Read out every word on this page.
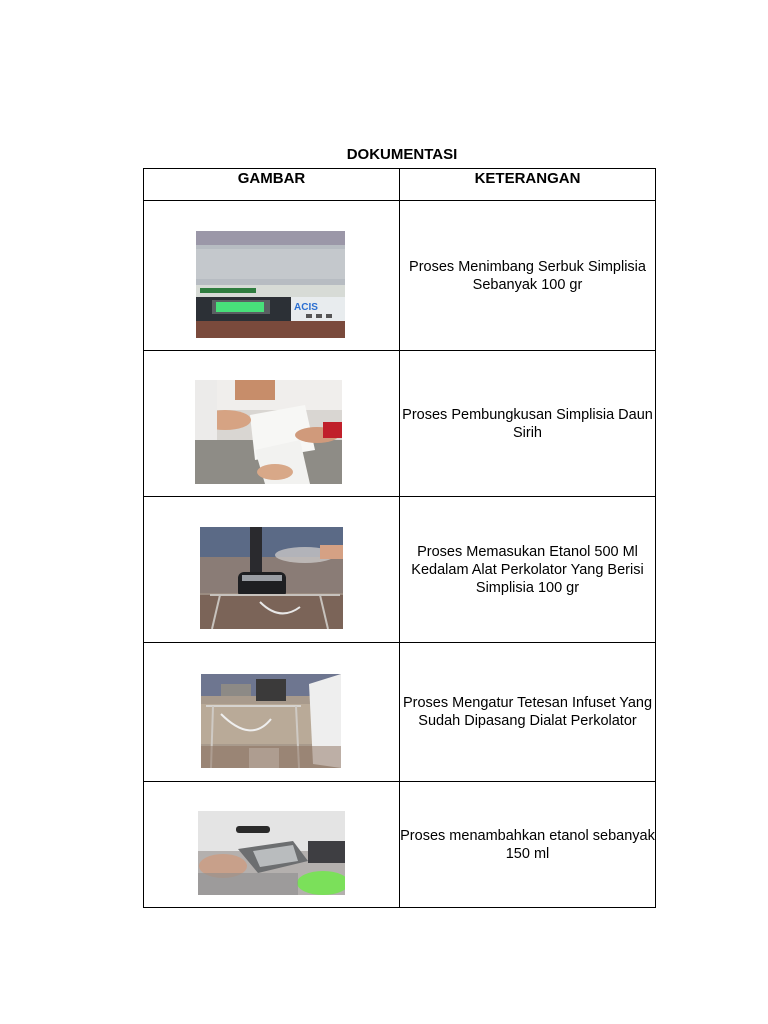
DOKUMENTASI
GAMBAR	KETERANGAN

ACIS	Proses Menimbang Serbuk Simplisia Sebanyak 100 gr

	Proses Pembungkusan Simplisia Daun Sirih

	Proses Memasukan Etanol 500 Ml Kedalam Alat Perkolator Yang Berisi Simplisia 100 gr

	Proses Mengatur Tetesan Infuset Yang Sudah Dipasang Dialat Perkolator

	Proses menambahkan etanol sebanyak 150 ml
